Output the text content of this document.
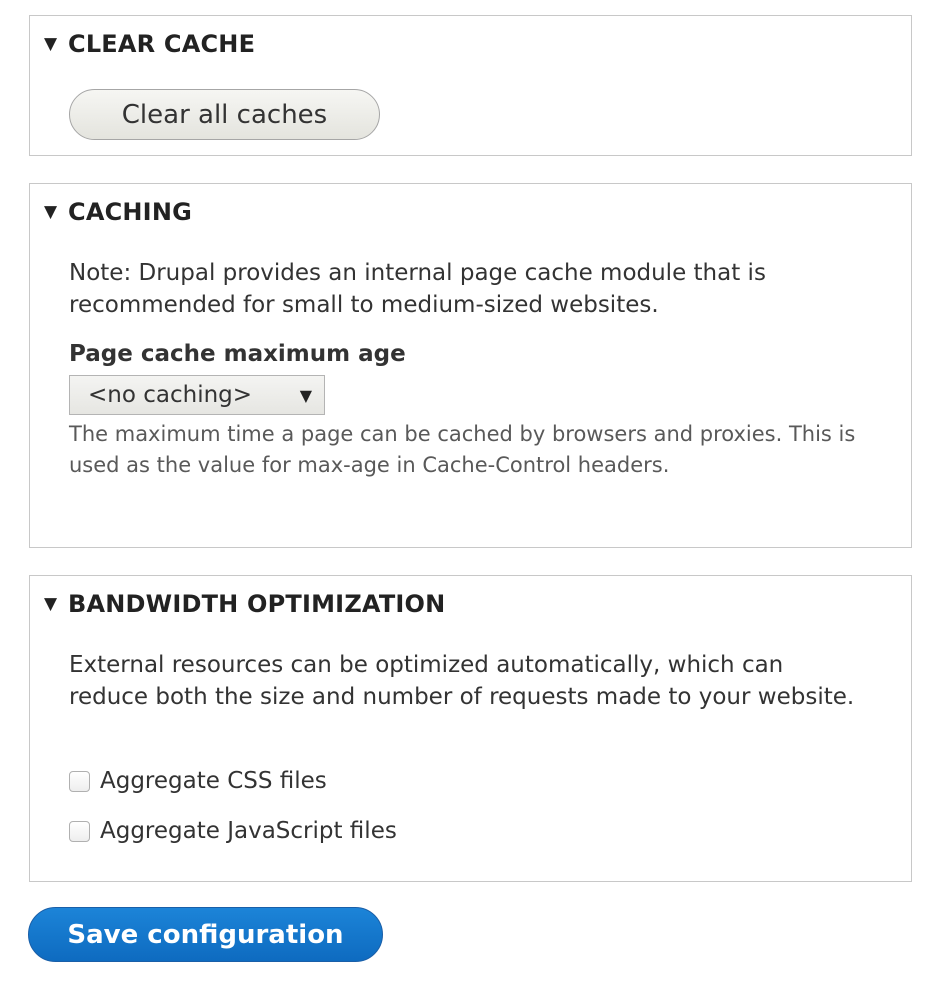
▼ CLEAR CACHE
Clear all caches
▼ CACHING
Note: Drupal provides an internal page cache module that is recommended for small to medium-sized websites.
Page cache maximum age
<no caching>	▼
The maximum time a page can be cached by browsers and proxies. This is used as the value for max-age in Cache-Control headers.
▼ BANDWIDTH OPTIMIZATION
External resources can be optimized automatically, which can reduce both the size and number of requests made to your website.
Aggregate CSS files
Aggregate JavaScript files
Save configuration
